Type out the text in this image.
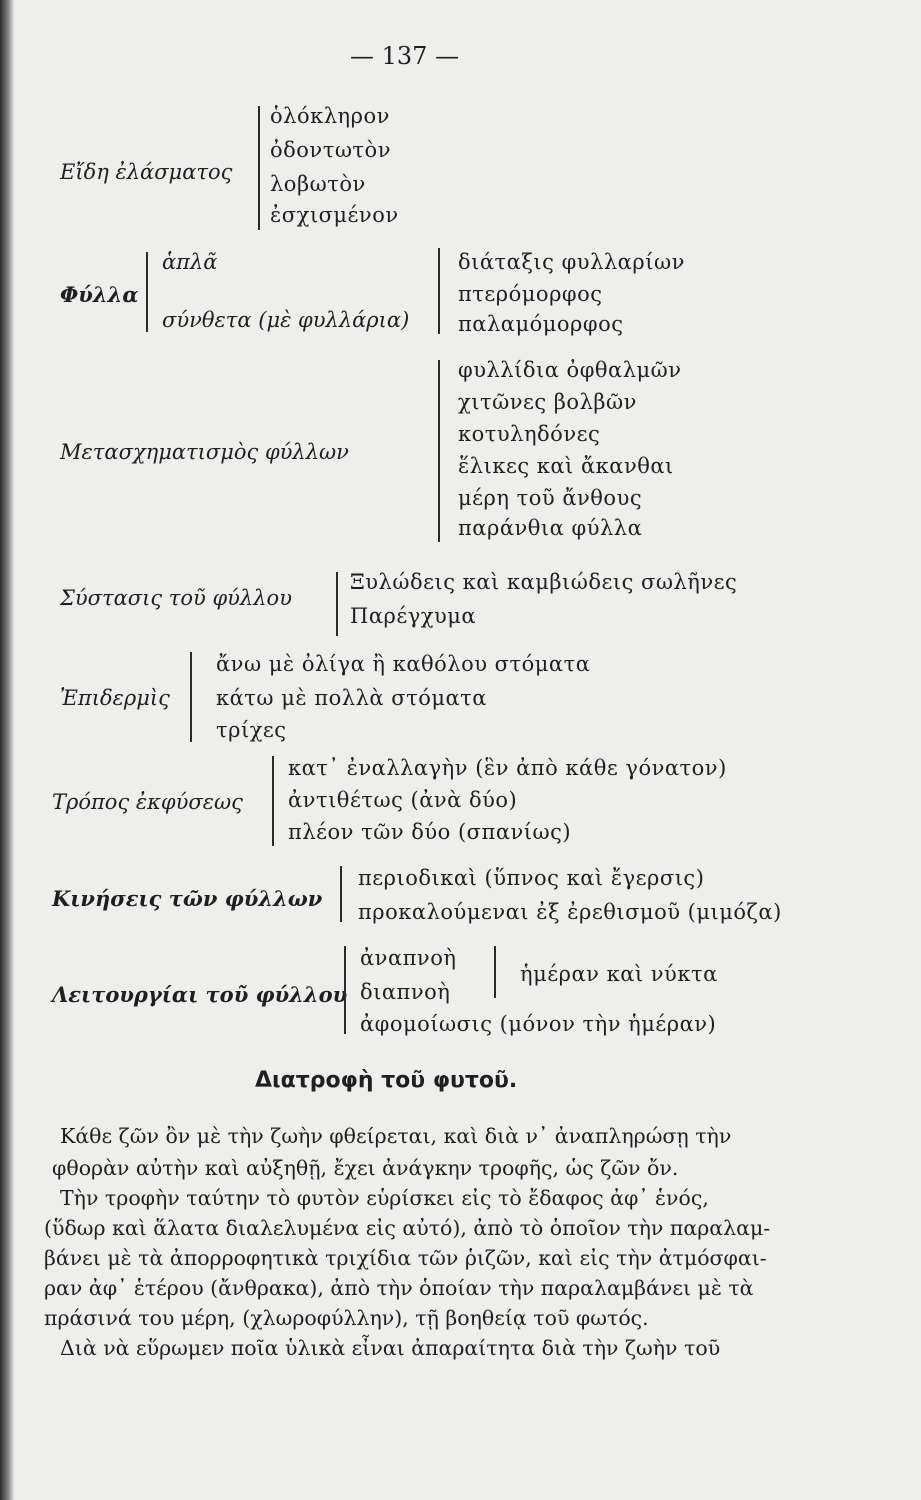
— 137 —
Εἴδη ἐλάσματος
ὁλόκληρον
ὀδοντωτὸν
λοβωτὸν
ἐσχισμένον
Φύλλα
ἁπλᾶ
σύνθετα (μὲ φυλλάρια)
διάταξις φυλλαρίων
πτερόμορφος
παλαμόμορφος
Μετασχηματισμὸς φύλλων
φυλλίδια ὀφθαλμῶν
χιτῶνες βολβῶν
κοτυληδόνες
ἕλικες καὶ ἄκανθαι
μέρη τοῦ ἄνθους
παράνθια φύλλα
Σύστασις τοῦ φύλλου
Ξυλώδεις καὶ καμβιώδεις σωλῆνες
Παρέγχυμα
Ἐπιδερμὶς
ἄνω μὲ ὀλίγα ἢ καθόλου στόματα
κάτω μὲ πολλὰ στόματα
τρίχες
Τρόπος ἐκφύσεως
κατ᾽ ἐναλλαγὴν (ἓν ἀπὸ κάθε γόνατον)
ἀντιθέτως (ἀνὰ δύο)
πλέον τῶν δύο (σπανίως)
Κινήσεις τῶν φύλλων
περιοδικαὶ (ὕπνος καὶ ἔγερσις)
προκαλούμεναι ἐξ ἐρεθισμοῦ (μιμόζα)
Λειτουργίαι τοῦ φύλλου
ἀναπνοὴ
διαπνοὴ
ἀφομοίωσις (μόνον τὴν ἡμέραν)
ἡμέραν καὶ νύκτα
Διατροφὴ τοῦ φυτοῦ.
Κάθε ζῶν ὂν μὲ τὴν ζωὴν φθείρεται, καὶ διὰ ν᾽ ἀναπληρώσῃ τὴν
φθορὰν αὐτὴν καὶ αὐξηθῇ, ἔχει ἀνάγκην τροφῆς, ὡς ζῶν ὄν.
Τὴν τροφὴν ταύτην τὸ φυτὸν εὑρίσκει εἰς τὸ ἔδαφος ἀφ᾽ ἑνός,
(ὕδωρ καὶ ἅλατα διαλελυμένα εἰς αὐτό), ἀπὸ τὸ ὁποῖον τὴν παραλαμ-
βάνει μὲ τὰ ἀπορροφητικὰ τριχίδια τῶν ῥιζῶν, καὶ εἰς τὴν ἀτμόσφαι-
ραν ἀφ᾽ ἑτέρου (ἄνθρακα), ἀπὸ τὴν ὁποίαν τὴν παραλαμβάνει μὲ τὰ
πράσινά του μέρη, (χλωροφύλλην), τῇ βοηθείᾳ τοῦ φωτός.
Διὰ νὰ εὕρωμεν ποῖα ὑλικὰ εἶναι ἀπαραίτητα διὰ τὴν ζωὴν τοῦ
